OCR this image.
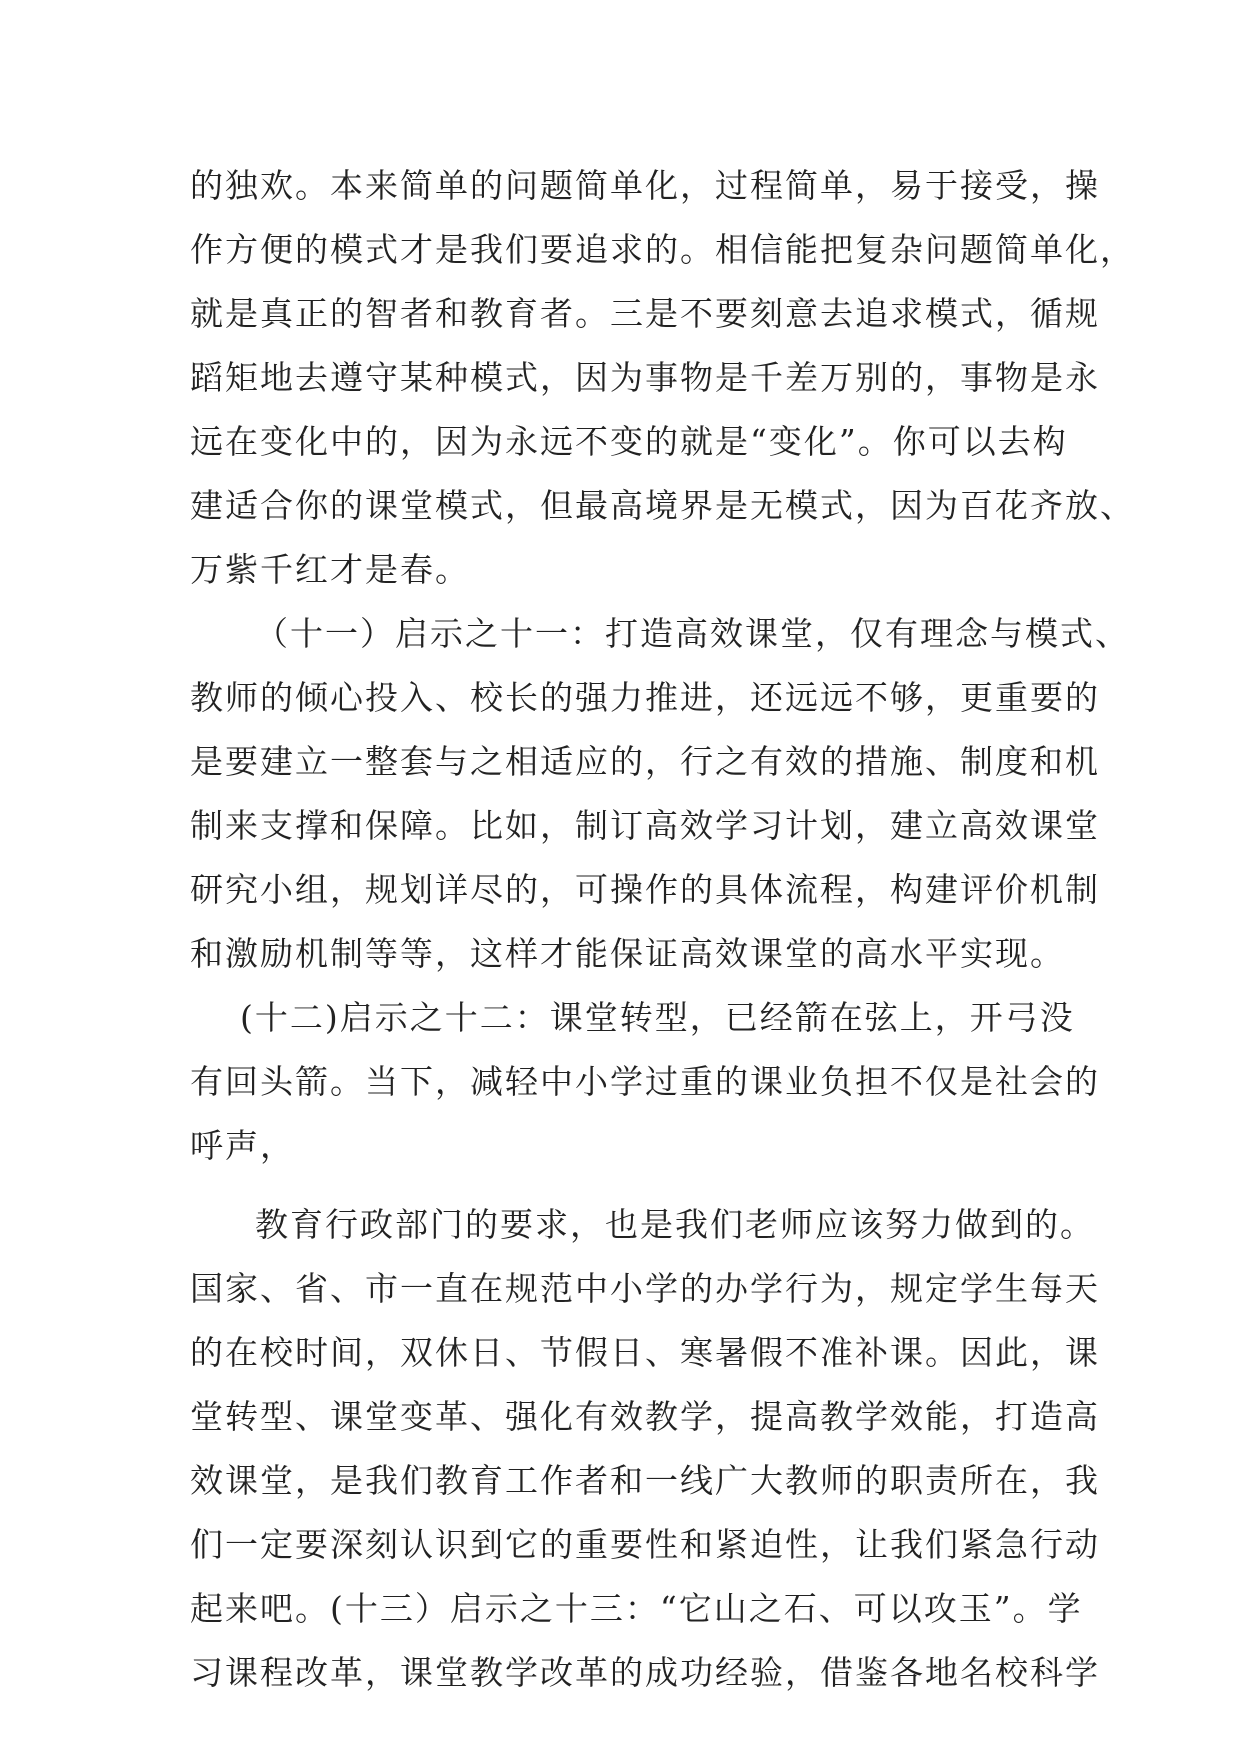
的独欢。本来简单的问题简单化，过程简单，易于接受，操
作方便的模式才是我们要追求的。相信能把复杂问题简单化，
就是真正的智者和教育者。三是不要刻意去追求模式，循规
蹈矩地去遵守某种模式，因为事物是千差万别的，事物是永
远在变化中的，因为永远不变的就是“变化”。你可以去构
建适合你的课堂模式，但最高境界是无模式，因为百花齐放、
万紫千红才是春。
（十一）启示之十一：打造高效课堂，仅有理念与模式、
教师的倾心投入、校长的强力推进，还远远不够，更重要的
是要建立一整套与之相适应的，行之有效的措施、制度和机
制来支撑和保障。比如，制订高效学习计划，建立高效课堂
研究小组，规划详尽的，可操作的具体流程，构建评价机制
和激励机制等等，这样才能保证高效课堂的高水平实现。
(十二)启示之十二：课堂转型，已经箭在弦上，开弓没
有回头箭。当下，减轻中小学过重的课业负担不仅是社会的
呼声，
教育行政部门的要求，也是我们老师应该努力做到的。
国家、省、市一直在规范中小学的办学行为，规定学生每天
的在校时间，双休日、节假日、寒暑假不准补课。因此，课
堂转型、课堂变革、强化有效教学，提高教学效能，打造高
效课堂，是我们教育工作者和一线广大教师的职责所在，我
们一定要深刻认识到它的重要性和紧迫性，让我们紧急行动
起来吧。(十三）启示之十三：“它山之石、可以攻玉”。学
习课程改革，课堂教学改革的成功经验，借鉴各地名校科学
